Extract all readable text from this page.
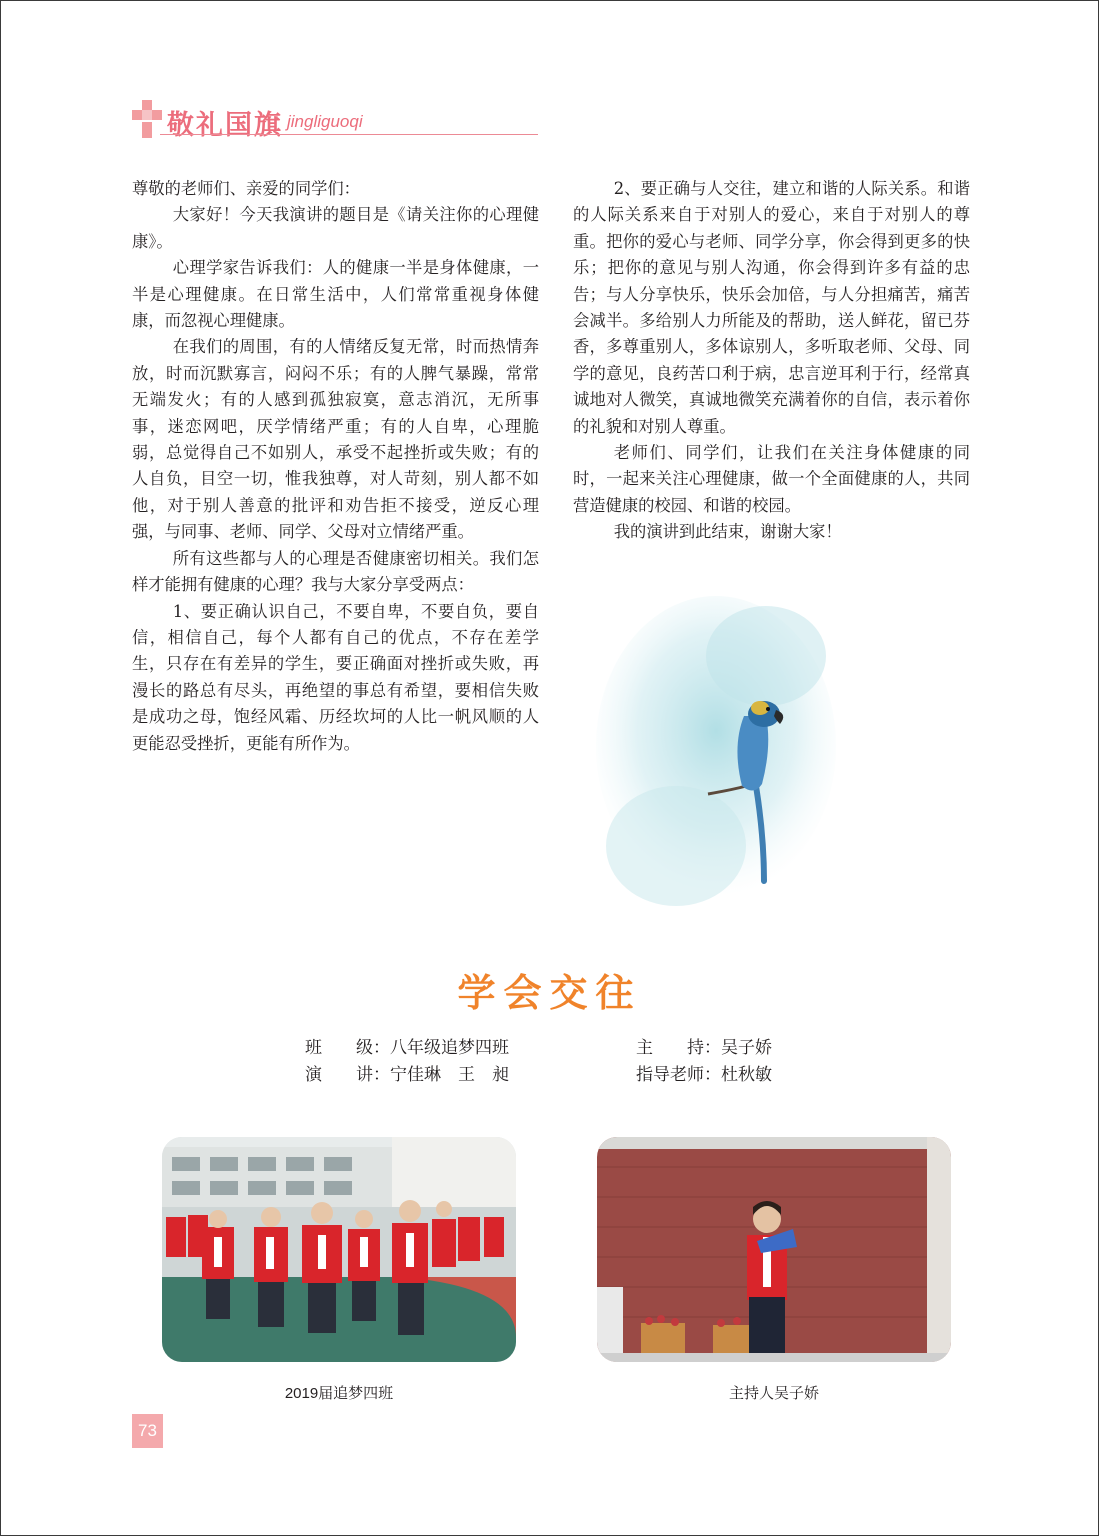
敬礼国旗 jingliguoqi

尊敬的老师们、亲爱的同学们：

大家好！今天我演讲的题目是《请关注你的心理健康》。

心理学家告诉我们：人的健康一半是身体健康，一半是心理健康。在日常生活中，人们常常重视身体健康，而忽视心理健康。

在我们的周围，有的人情绪反复无常，时而热情奔放，时而沉默寡言，闷闷不乐；有的人脾气暴躁，常常无端发火；有的人感到孤独寂寞，意志消沉，无所事事，迷恋网吧，厌学情绪严重；有的人自卑，心理脆弱，总觉得自己不如别人，承受不起挫折或失败；有的人自负，目空一切，惟我独尊，对人苛刻，别人都不如他，对于别人善意的批评和劝告拒不接受，逆反心理强，与同事、老师、同学、父母对立情绪严重。

所有这些都与人的心理是否健康密切相关。我们怎样才能拥有健康的心理？我与大家分享受两点：

1、要正确认识自己，不要自卑，不要自负，要自信，相信自己，每个人都有自己的优点，不存在差学生，只存在有差异的学生，要正确面对挫折或失败，再漫长的路总有尽头，再绝望的事总有希望，要相信失败是成功之母，饱经风霜、历经坎坷的人比一帆风顺的人更能忍受挫折，更能有所作为。

2、要正确与人交往，建立和谐的人际关系。和谐的人际关系来自于对别人的爱心，来自于对别人的尊重。把你的爱心与老师、同学分享，你会得到更多的快乐；把你的意见与别人沟通，你会得到许多有益的忠告；与人分享快乐，快乐会加倍，与人分担痛苦，痛苦会减半。多给别人力所能及的帮助，送人鲜花，留已芬香，多尊重别人，多体谅别人，多听取老师、父母、同学的意见，良药苦口利于病，忠言逆耳利于行，经常真诚地对人微笑，真诚地微笑充满着你的自信，表示着你的礼貌和对别人尊重。

老师们、同学们，让我们在关注身体健康的同时，一起来关注心理健康，做一个全面健康的人，共同营造健康的校园、和谐的校园。

我的演讲到此结束，谢谢大家！

学会交往
班　　级：八年级追梦四班
演　　讲：宁佳琳　王　昶
主　　持：吴子娇
指导老师：杜秋敏
2019届追梦四班	主持人吴子娇
73
